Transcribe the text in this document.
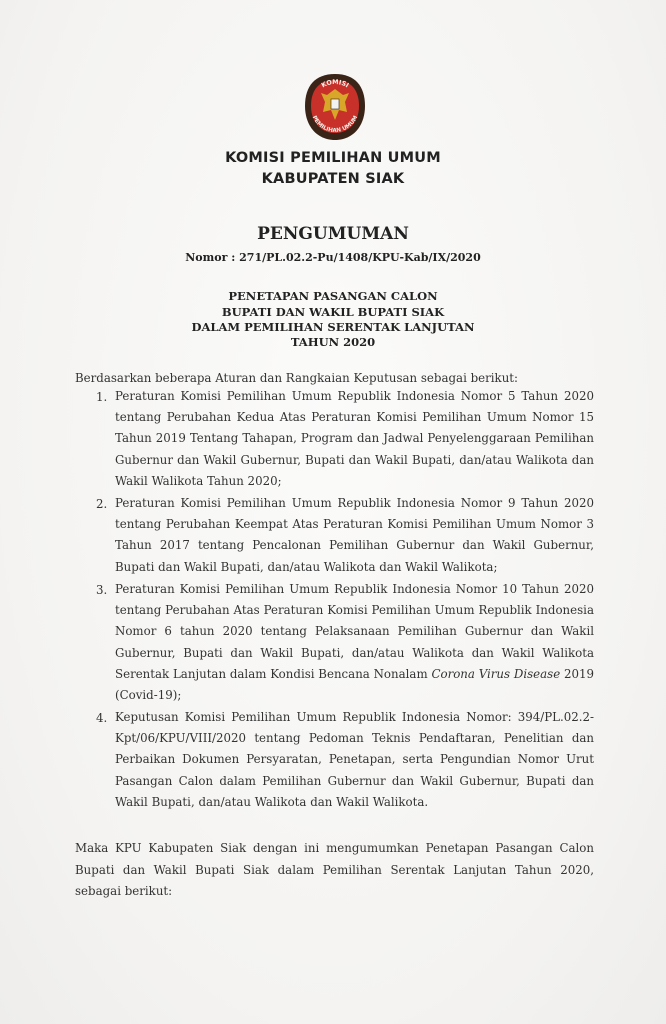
KOMISI
PEMILIHAN UMUM
KOMISI PEMILIHAN UMUM
KABUPATEN SIAK
PENGUMUMAN
Nomor : 271/PL.02.2-Pu/1408/KPU-Kab/IX/2020
PENETAPAN PASANGAN CALON
BUPATI DAN WAKIL BUPATI SIAK
DALAM PEMILIHAN SERENTAK LANJUTAN
TAHUN 2020
Berdasarkan beberapa Aturan dan Rangkaian Keputusan sebagai berikut:
1. Peraturan Komisi Pemilihan Umum Republik Indonesia Nomor 5 Tahun 2020 tentang Perubahan Kedua Atas Peraturan Komisi Pemilihan Umum Nomor 15 Tahun 2019 Tentang Tahapan, Program dan Jadwal Penyelenggaraan Pemilihan Gubernur dan Wakil Gubernur, Bupati dan Wakil Bupati, dan/atau Walikota dan Wakil Walikota Tahun 2020;
2. Peraturan Komisi Pemilihan Umum Republik Indonesia Nomor 9 Tahun 2020 tentang Perubahan Keempat Atas Peraturan Komisi Pemilihan Umum Nomor 3 Tahun 2017 tentang Pencalonan Pemilihan Gubernur dan Wakil Gubernur, Bupati dan Wakil Bupati, dan/atau Walikota dan Wakil Walikota;
3. Peraturan Komisi Pemilihan Umum Republik Indonesia Nomor 10 Tahun 2020 tentang Perubahan Atas Peraturan Komisi Pemilihan Umum Republik Indonesia Nomor 6 tahun 2020 tentang Pelaksanaan Pemilihan Gubernur dan Wakil Gubernur, Bupati dan Wakil Bupati, dan/atau Walikota dan Wakil Walikota Serentak Lanjutan dalam Kondisi Bencana Nonalam Corona Virus Disease 2019 (Covid-19);
4. Keputusan Komisi Pemilihan Umum Republik Indonesia Nomor: 394/PL.02.2-Kpt/06/KPU/VIII/2020 tentang Pedoman Teknis Pendaftaran, Penelitian dan Perbaikan Dokumen Persyaratan, Penetapan, serta Pengundian Nomor Urut Pasangan Calon dalam Pemilihan Gubernur dan Wakil Gubernur, Bupati dan Wakil Bupati, dan/atau Walikota dan Wakil Walikota.
Maka KPU Kabupaten Siak dengan ini mengumumkan Penetapan Pasangan Calon Bupati dan Wakil Bupati Siak dalam Pemilihan Serentak Lanjutan Tahun 2020, sebagai berikut:
